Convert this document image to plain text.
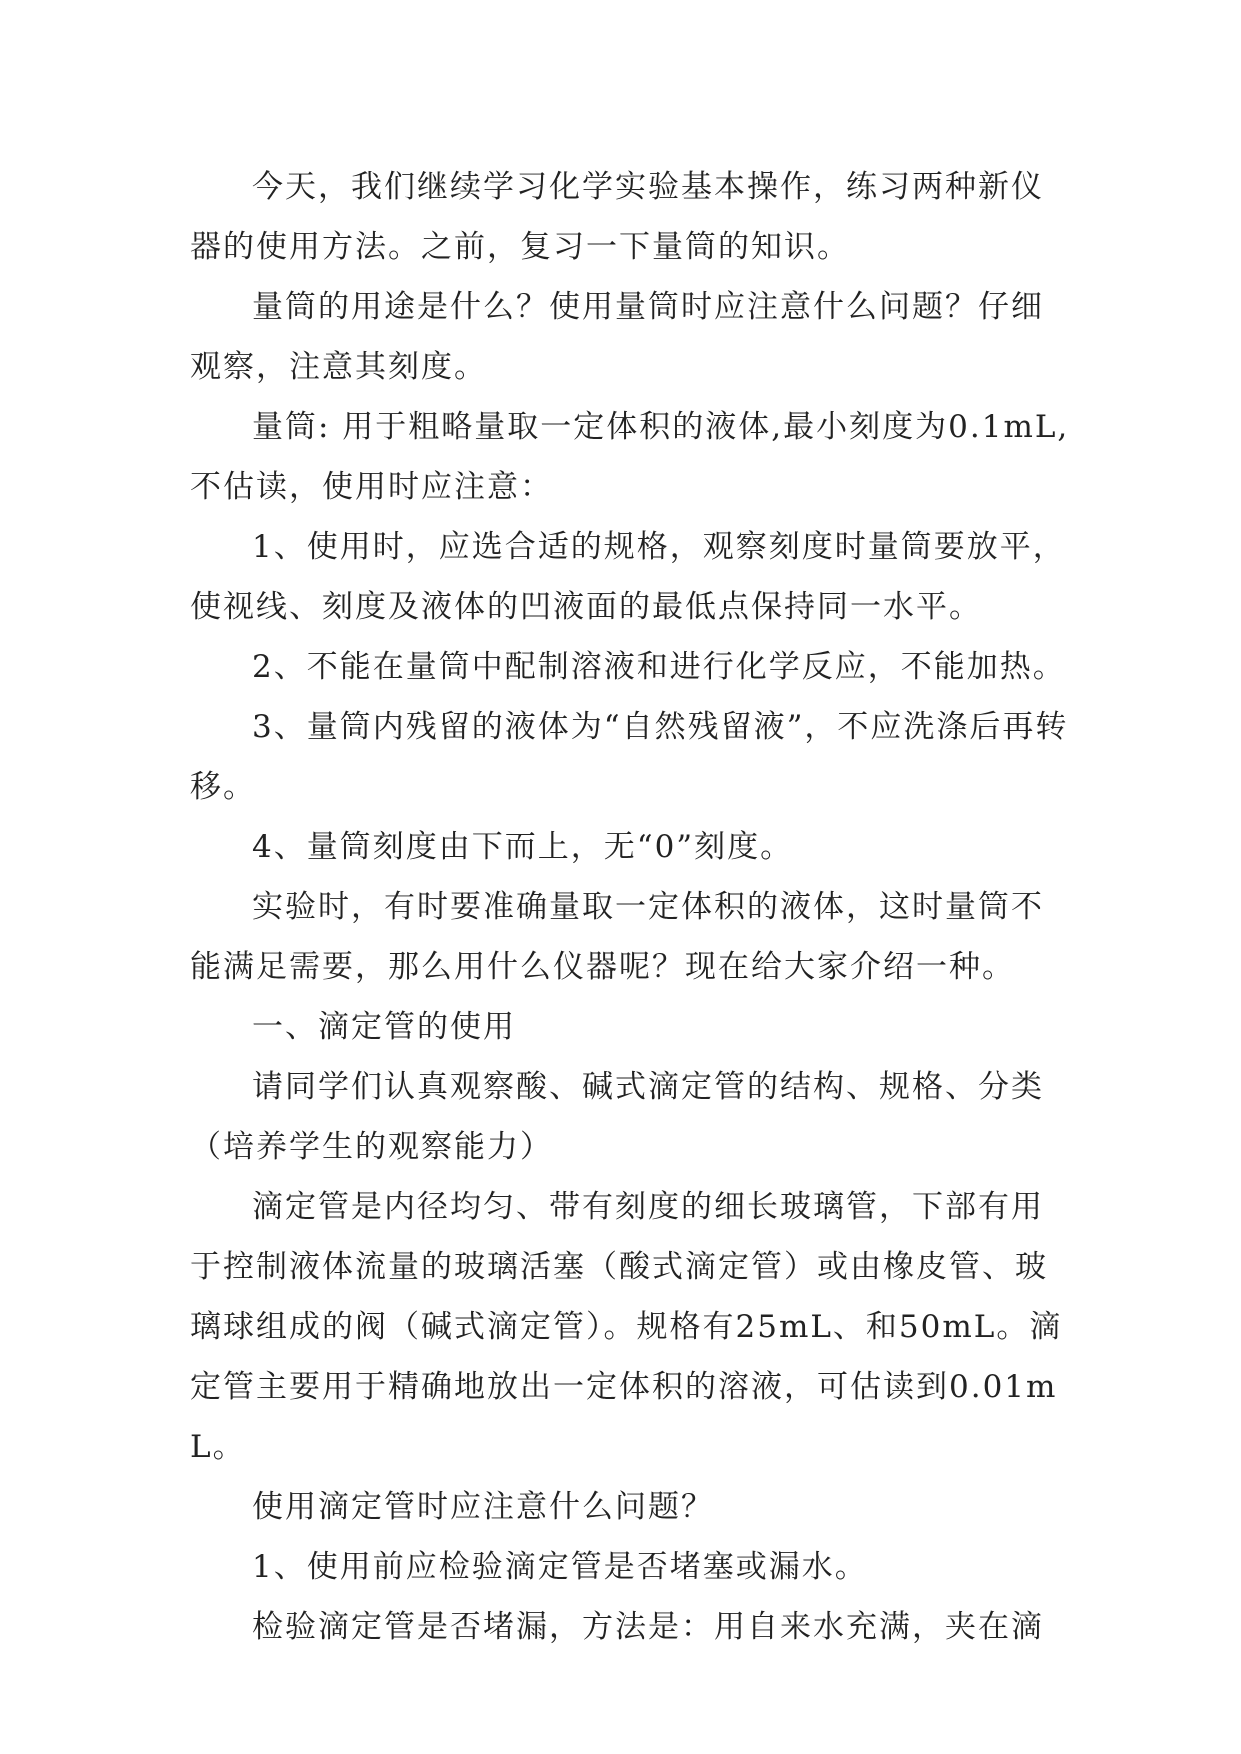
今天，我们继续学习化学实验基本操作，练习两种新仪器的使用方法。之前，复习一下量筒的知识。

量筒的用途是什么？使用量筒时应注意什么问题？仔细观察，注意其刻度。

量筒: 用于粗略量取一定体积的液体,最小刻度为0.1mL,不估读，使用时应注意：

1、使用时，应选合适的规格，观察刻度时量筒要放平，使视线、刻度及液体的凹液面的最低点保持同一水平。

2、不能在量筒中配制溶液和进行化学反应，不能加热。

3、量筒内残留的液体为“自然残留液”，不应洗涤后再转移。

4、量筒刻度由下而上，无“0”刻度。

实验时，有时要准确量取一定体积的液体，这时量筒不能满足需要，那么用什么仪器呢？现在给大家介绍一种。

一、滴定管的使用

请同学们认真观察酸、碱式滴定管的结构、规格、分类（培养学生的观察能力）

滴定管是内径均匀、带有刻度的细长玻璃管，下部有用于控制液体流量的玻璃活塞（酸式滴定管）或由橡皮管、玻璃球组成的阀（碱式滴定管）。规格有25mL、和50mL。滴定管主要用于精确地放出一定体积的溶液，可估读到0.01mL。

使用滴定管时应注意什么问题？

1、使用前应检验滴定管是否堵塞或漏水。

检验滴定管是否堵漏，方法是：用自来水充满，夹在滴
